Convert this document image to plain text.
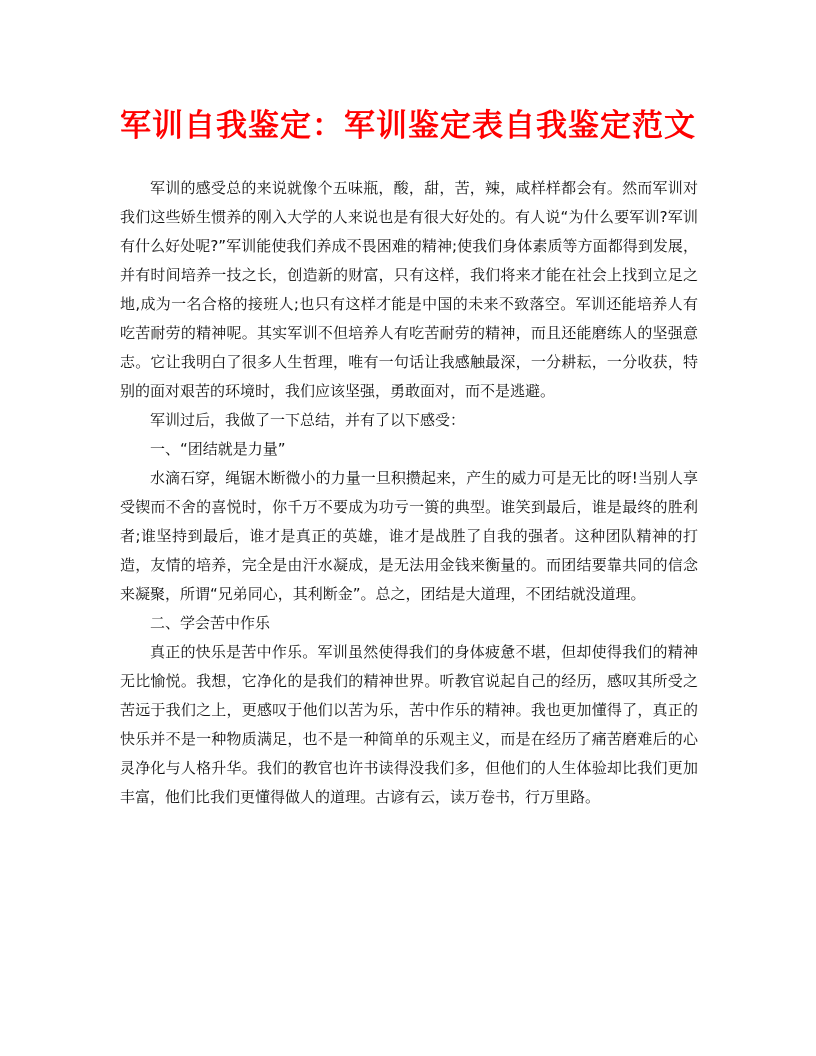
军训自我鉴定：军训鉴定表自我鉴定范文

军训的感受总的来说就像个五味瓶，酸，甜，苦，辣，咸样样都会有。然而军训对我们这些娇生惯养的刚入大学的人来说也是有很大好处的。有人说“为什么要军训?军训有什么好处呢?”军训能使我们养成不畏困难的精神;使我们身体素质等方面都得到发展，并有时间培养一技之长，创造新的财富，只有这样，我们将来才能在社会上找到立足之地,成为一名合格的接班人;也只有这样才能是中国的未来不致落空。军训还能培养人有吃苦耐劳的精神呢。其实军训不但培养人有吃苦耐劳的精神，而且还能磨练人的坚强意志。它让我明白了很多人生哲理，唯有一句话让我感触最深，一分耕耘，一分收获，特别的面对艰苦的环境时，我们应该坚强，勇敢面对，而不是逃避。

军训过后，我做了一下总结，并有了以下感受：

一、“团结就是力量”

水滴石穿，绳锯木断微小的力量一旦积攒起来，产生的威力可是无比的呀!当别人享受锲而不舍的喜悦时，你千万不要成为功亏一篑的典型。谁笑到最后，谁是最终的胜利者;谁坚持到最后，谁才是真正的英雄，谁才是战胜了自我的强者。这种团队精神的打造，友情的培养，完全是由汗水凝成，是无法用金钱来衡量的。而团结要靠共同的信念来凝聚，所谓“兄弟同心，其利断金”。总之，团结是大道理，不团结就没道理。

二、学会苦中作乐

真正的快乐是苦中作乐。军训虽然使得我们的身体疲惫不堪，但却使得我们的精神无比愉悦。我想，它净化的是我们的精神世界。听教官说起自己的经历，感叹其所受之苦远于我们之上，更感叹于他们以苦为乐，苦中作乐的精神。我也更加懂得了，真正的快乐并不是一种物质满足，也不是一种简单的乐观主义，而是在经历了痛苦磨难后的心灵净化与人格升华。我们的教官也许书读得没我们多，但他们的人生体验却比我们更加丰富，他们比我们更懂得做人的道理。古谚有云，读万卷书，行万里路。
